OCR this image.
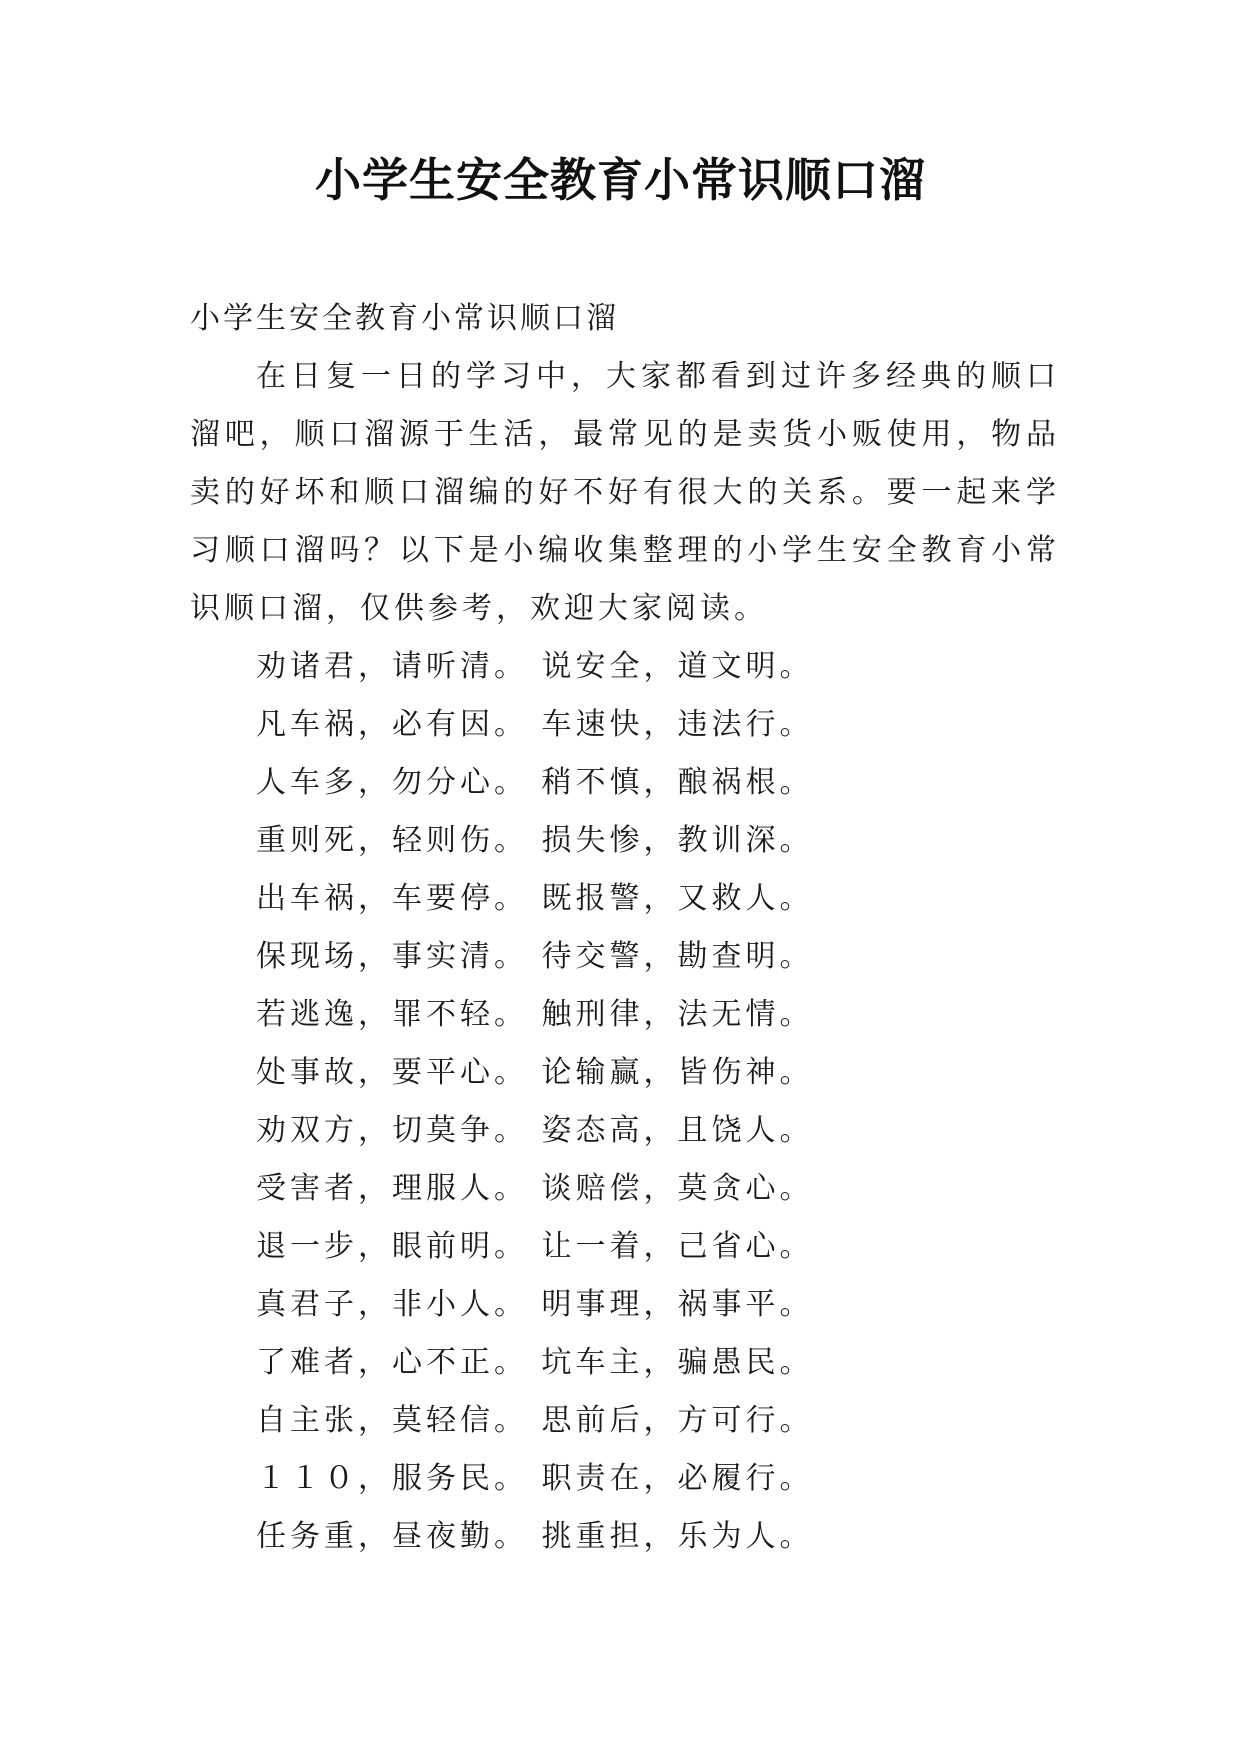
小学生安全教育小常识顺口溜
小学生安全教育小常识顺口溜

在日复一日的学习中，大家都看到过许多经典的顺口溜吧，顺口溜源于生活，最常见的是卖货小贩使用，物品卖的好坏和顺口溜编的好不好有很大的关系。要一起来学习顺口溜吗？以下是小编收集整理的小学生安全教育小常识顺口溜，仅供参考，欢迎大家阅读。

劝诸君，请听清。 说安全，道文明。
凡车祸，必有因。 车速快，违法行。
人车多，勿分心。 稍不慎，酿祸根。
重则死，轻则伤。 损失惨，教训深。
出车祸，车要停。 既报警，又救人。
保现场，事实清。 待交警，勘查明。
若逃逸，罪不轻。 触刑律，法无情。
处事故，要平心。 论输赢，皆伤神。
劝双方，切莫争。 姿态高，且饶人。
受害者，理服人。 谈赔偿，莫贪心。
退一步，眼前明。 让一着，己省心。
真君子，非小人。 明事理，祸事平。
了难者，心不正。 坑车主，骗愚民。
自主张，莫轻信。 思前后，方可行。
１１０，服务民。 职责在，必履行。
任务重，昼夜勤。 挑重担，乐为人。
